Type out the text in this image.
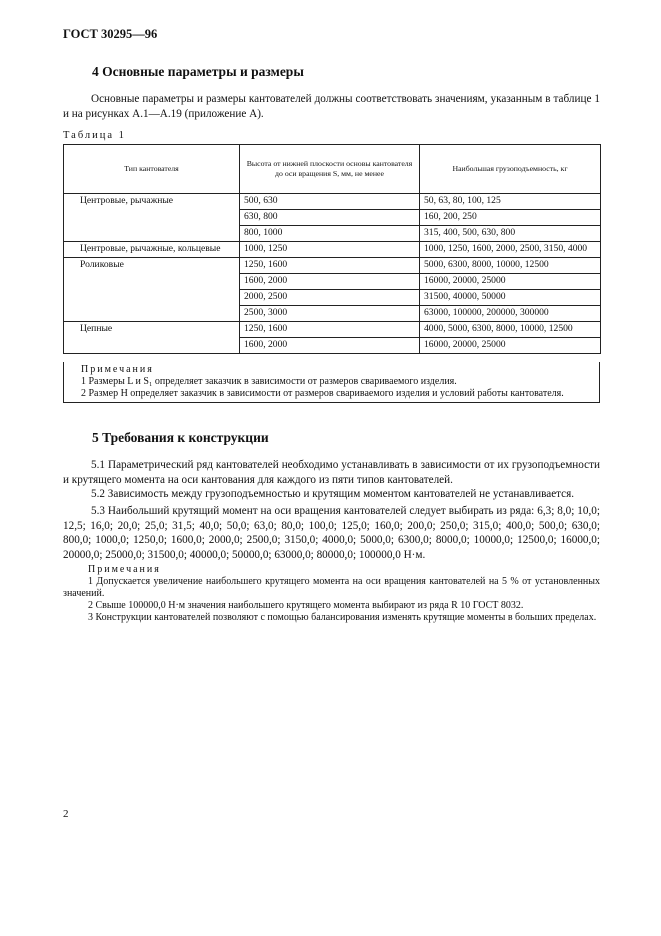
ГОСТ 30295—96
4 Основные параметры и размеры

Основные параметры и размеры кантователей должны соответствовать значениям, указанным в таблице 1 и на рисунках А.1—А.19 (приложение А).

Таблица 1
Тип кантователя	Высота от нижней плоскости основы кантователя до оси вращения S, мм, не менее	Наибольшая грузоподъемность, кг
Центровые, рычажные	500, 630	50, 63, 80, 100, 125
	630, 800	160, 200, 250
	800, 1000	315, 400, 500, 630, 800
Центровые, рычажные, кольцевые	1000, 1250	1000, 1250, 1600, 2000, 2500, 3150, 4000
Роликовые	1250, 1600	5000, 6300, 8000, 10000, 12500
	1600, 2000	16000, 20000, 25000
	2000, 2500	31500, 40000, 50000
	2500, 3000	63000, 100000, 200000, 300000
Цепные	1250, 1600	4000, 5000, 6300, 8000, 10000, 12500
	1600, 2000	16000, 20000, 25000
Примечания

1 Размеры L и S₁ определяет заказчик в зависимости от размеров свариваемого изделия.

2 Размер H определяет заказчик в зависимости от размеров свариваемого изделия и условий работы кантователя.

5 Требования к конструкции

5.1 Параметрический ряд кантователей необходимо устанавливать в зависимости от их грузоподъемности и крутящего момента на оси кантования для каждого из пяти типов кантователей.

5.2 Зависимость между грузоподъемностью и крутящим моментом кантователей не устанавливается.

5.3 Наибольший крутящий момент на оси вращения кантователей следует выбирать из ряда: 6,3; 8,0; 10,0; 12,5; 16,0; 20,0; 25,0; 31,5; 40,0; 50,0; 63,0; 80,0; 100,0; 125,0; 160,0; 200,0; 250,0; 315,0; 400,0; 500,0; 630,0; 800,0; 1000,0; 1250,0; 1600,0; 2000,0; 2500,0; 3150,0; 4000,0; 5000,0; 6300,0; 8000,0; 10000,0; 12500,0; 16000,0; 20000,0; 25000,0; 31500,0; 40000,0; 50000,0; 63000,0; 80000,0; 100000,0 Н·м.

Примечания

1 Допускается увеличение наибольшего крутящего момента на оси вращения кантователей на 5 % от установленных значений.

2 Свыше 100000,0 Н·м значения наибольшего крутящего момента выбирают из ряда R 10 ГОСТ 8032.

3 Конструкции кантователей позволяют с помощью балансирования изменять крутящие моменты в больших пределах.

2
